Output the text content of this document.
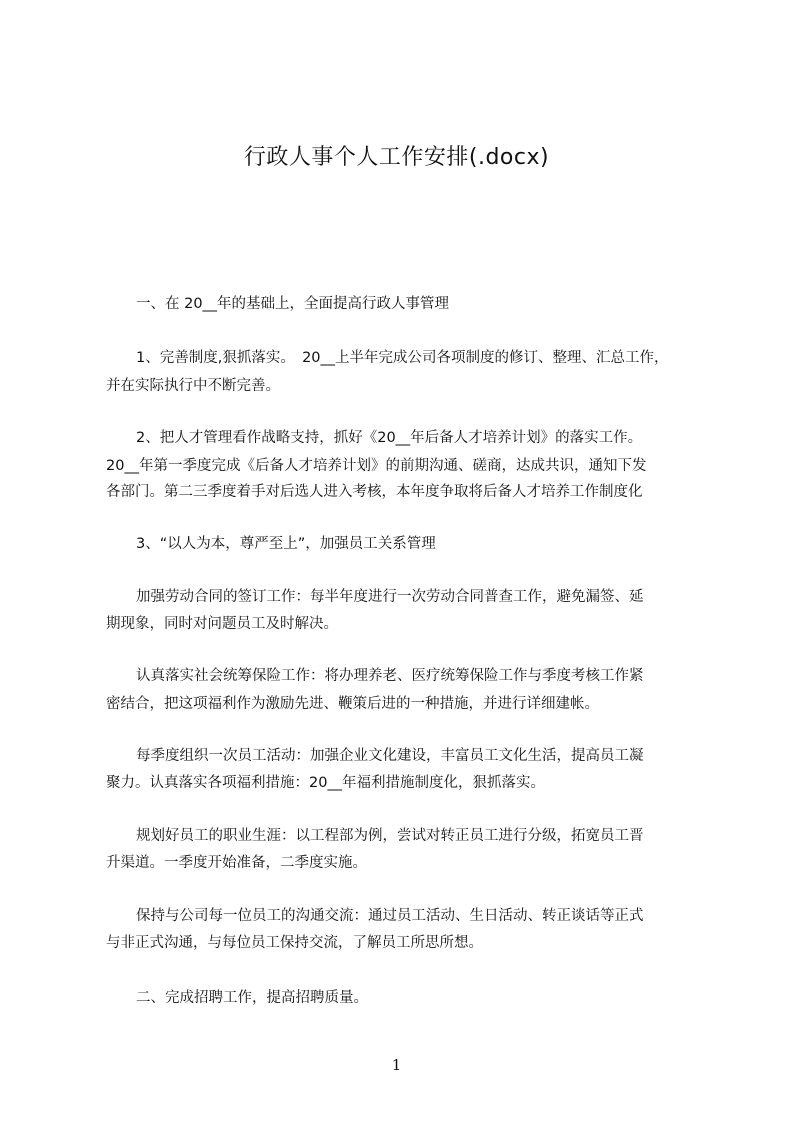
行政人事个人工作安排(.docx)
一、在 20__年的基础上，全面提高行政人事管理
1、完善制度,狠抓落实。　20__上半年完成公司各项制度的修订、整理、汇总工作，
并在实际执行中不断完善。
2、把人才管理看作战略支持，抓好《20__年后备人才培养计划》的落实工作。
20__年第一季度完成《后备人才培养计划》的前期沟通、磋商，达成共识，通知下发
各部门。第二三季度着手对后选人进入考核，本年度争取将后备人才培养工作制度化
3、“以人为本，尊严至上”，加强员工关系管理
加强劳动合同的签订工作：每半年度进行一次劳动合同普查工作，避免漏签、延
期现象，同时对问题员工及时解决。
认真落实社会统筹保险工作：将办理养老、医疗统筹保险工作与季度考核工作紧
密结合，把这项福利作为激励先进、鞭策后进的一种措施，并进行详细建帐。
每季度组织一次员工活动：加强企业文化建设，丰富员工文化生活，提高员工凝
聚力。认真落实各项福利措施：20__年福利措施制度化，狠抓落实。
规划好员工的职业生涯：以工程部为例，尝试对转正员工进行分级，拓宽员工晋
升渠道。一季度开始准备，二季度实施。
保持与公司每一位员工的沟通交流：通过员工活动、生日活动、转正谈话等正式
与非正式沟通，与每位员工保持交流，了解员工所思所想。
二、完成招聘工作，提高招聘质量。
1
